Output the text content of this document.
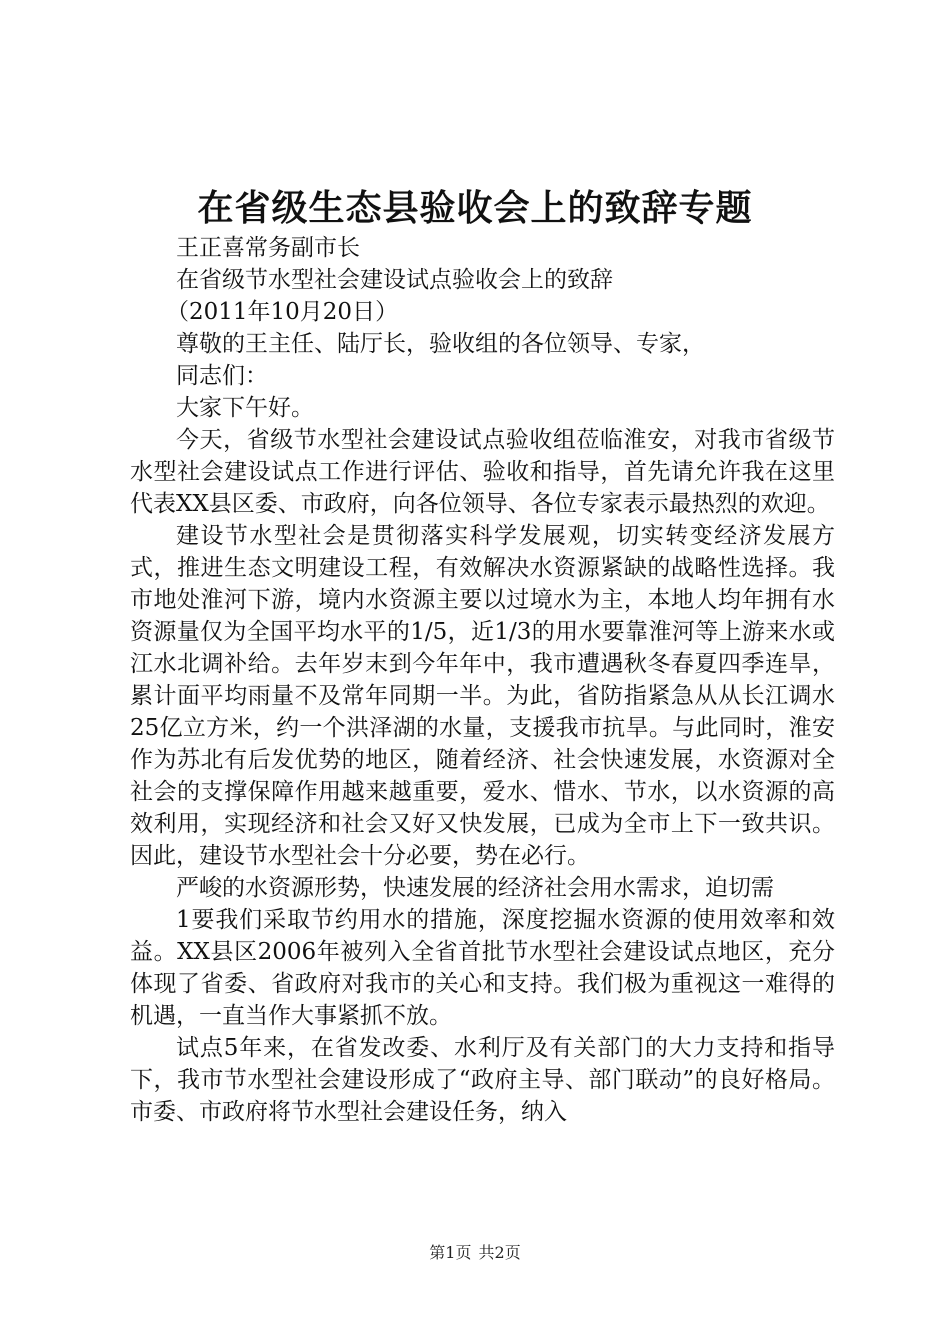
在省级生态县验收会上的致辞专题

王正喜常务副市长

在省级节水型社会建设试点验收会上的致辞

（2011年10月20日）

尊敬的王主任、陆厅长，验收组的各位领导、专家，

同志们：

大家下午好。

今天，省级节水型社会建设试点验收组莅临淮安，对我市省级节水型社会建设试点工作进行评估、验收和指导，首先请允许我在这里代表XX县区委、市政府，向各位领导、各位专家表示最热烈的欢迎。

建设节水型社会是贯彻落实科学发展观，切实转变经济发展方式，推进生态文明建设工程，有效解决水资源紧缺的战略性选择。我市地处淮河下游，境内水资源主要以过境水为主，本地人均年拥有水资源量仅为全国平均水平的1/5，近1/3的用水要靠淮河等上游来水或江水北调补给。去年岁末到今年年中，我市遭遇秋冬春夏四季连旱，累计面平均雨量不及常年同期一半。为此，省防指紧急从从长江调水25亿立方米，约一个洪泽湖的水量，支援我市抗旱。与此同时，淮安作为苏北有后发优势的地区，随着经济、社会快速发展，水资源对全社会的支撑保障作用越来越重要，爱水、惜水、节水，以水资源的高效利用，实现经济和社会又好又快发展，已成为全市上下一致共识。因此，建设节水型社会十分必要，势在必行。

严峻的水资源形势，快速发展的经济社会用水需求，迫切需

1要我们采取节约用水的措施，深度挖掘水资源的使用效率和效益。XX县区2006年被列入全省首批节水型社会建设试点地区，充分体现了省委、省政府对我市的关心和支持。我们极为重视这一难得的机遇，一直当作大事紧抓不放。

试点5年来，在省发改委、水利厅及有关部门的大力支持和指导下，我市节水型社会建设形成了“政府主导、部门联动”的良好格局。市委、市政府将节水型社会建设任务，纳入

第1页 共2页
